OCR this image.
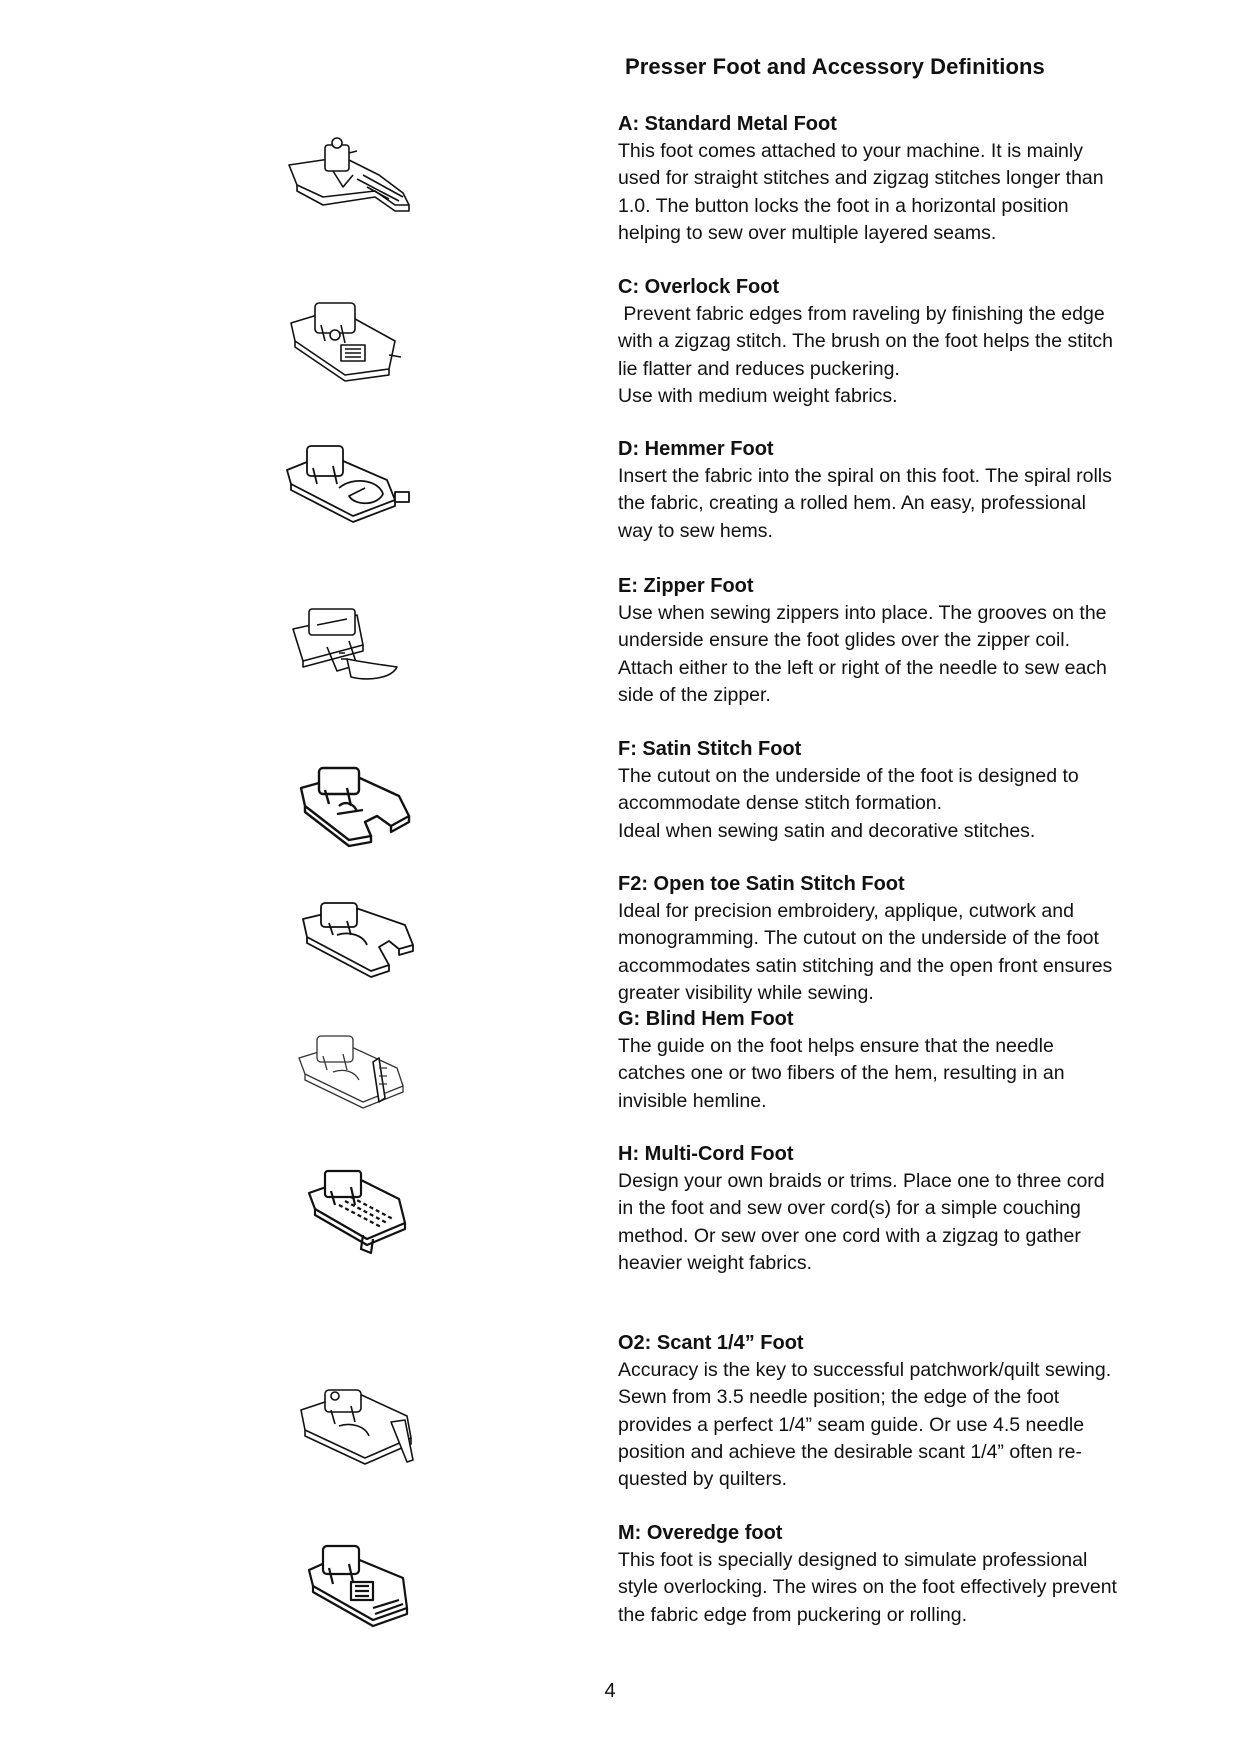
Presser Foot and Accessory Definitions
A: Standard Metal Foot
This foot comes attached to your machine. It is mainly
used for straight stitches and zigzag stitches longer than
1.0. The button locks the foot in a horizontal position
helping to sew over multiple layered seams.
C: Overlock Foot
Prevent fabric edges from raveling by finishing the edge
with a zigzag stitch. The brush on the foot helps the stitch
lie flatter and reduces puckering.
Use with medium weight fabrics.
D: Hemmer Foot
Insert the fabric into the spiral on this foot. The spiral rolls
the fabric, creating a rolled hem. An easy, professional
way to sew hems.
E: Zipper Foot
Use when sewing zippers into place. The grooves on the
underside ensure the foot glides over the zipper coil.
Attach either to the left or right of the needle to sew each
side of the zipper.
F: Satin Stitch Foot
The cutout on the underside of the foot is designed to
accommodate dense stitch formation.
Ideal when sewing satin and decorative stitches.
F2: Open toe Satin Stitch Foot
Ideal for precision embroidery, applique, cutwork and
monogramming. The cutout on the underside of the foot
accommodates satin stitching and the open front ensures
greater visibility while sewing.
G: Blind Hem Foot
The guide on the foot helps ensure that the needle
catches one or two fibers of the hem, resulting in an
invisible hemline.
H: Multi-Cord Foot
Design your own braids or trims. Place one to three cord
in the foot and sew over cord(s) for a simple couching
method. Or sew over one cord with a zigzag to gather
heavier weight fabrics.
O2: Scant 1/4” Foot
Accuracy is the key to successful patchwork/quilt sewing.
Sewn from 3.5 needle position; the edge of the foot
provides a perfect 1/4” seam guide. Or use 4.5 needle
position and achieve the desirable scant 1/4” often re-
quested by quilters.
M: Overedge foot
This foot is specially designed to simulate professional
style overlocking. The wires on the foot effectively prevent
the fabric edge from puckering or rolling.
4
